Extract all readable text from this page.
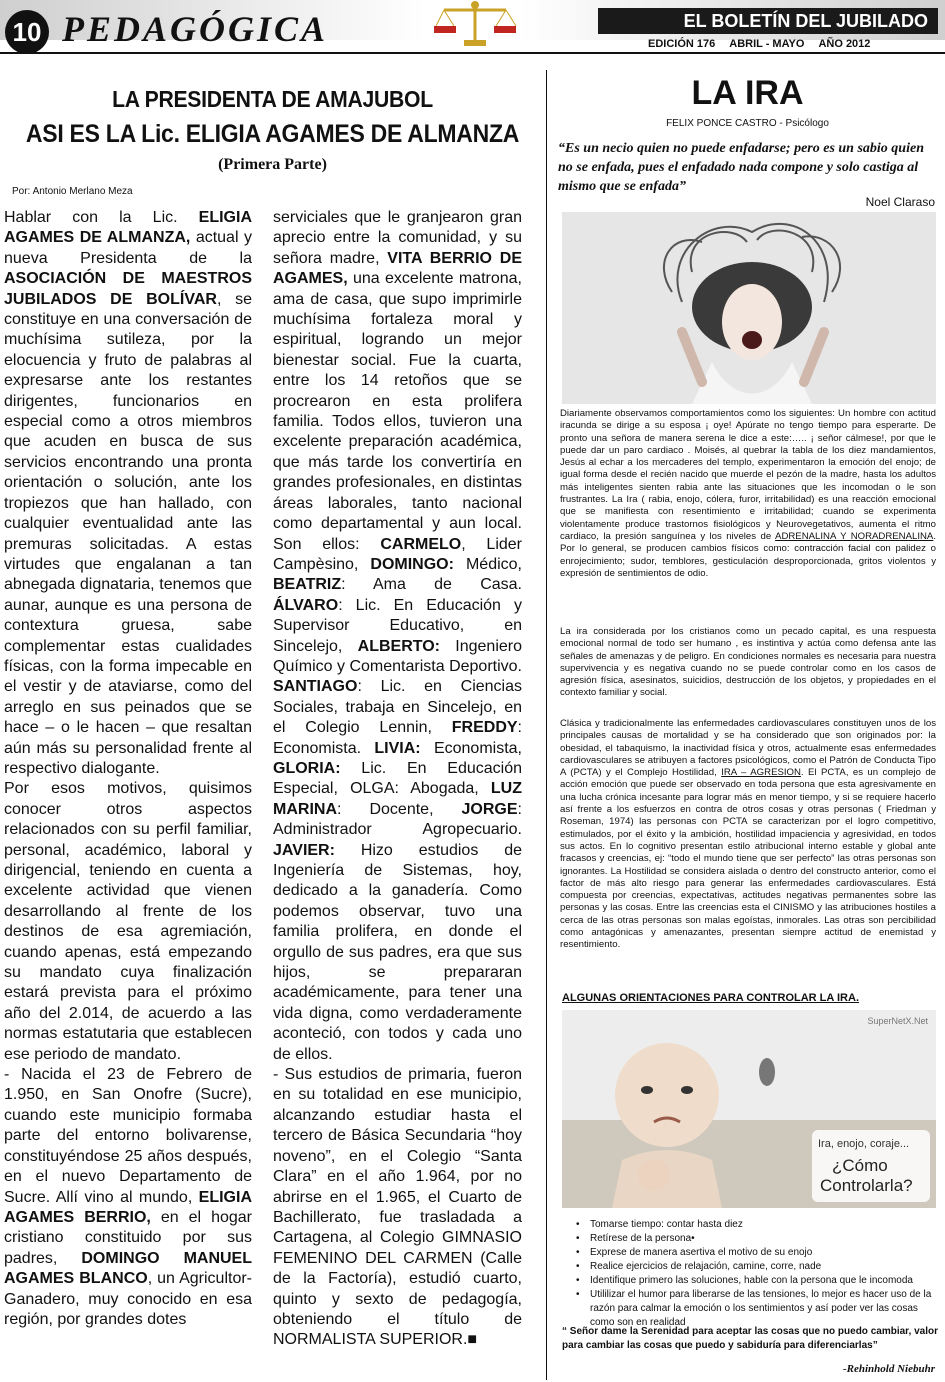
10 PEDAGÓGICA	EL BOLETÍN DEL JUBILADO
EDICIÓN 176 ABRIL - MAYO AÑO 2012
LA PRESIDENTA DE AMAJUBOL
ASI ES LA Lic. ELIGIA AGAMES DE ALMANZA
(Primera Parte)
Por: Antonio Merlano Meza

Hablar con la Lic. ELIGIA AGAMES DE ALMANZA, actual y nueva Presidenta de la ASOCIACIÓN DE MAESTROS JUBILADOS DE BOLÍVAR, se constituye en una conversación de muchísima sutileza, por la elocuencia y fruto de palabras al expresarse ante los restantes dirigentes, funcionarios en especial como a otros miembros que acuden en busca de sus servicios encontrando una pronta orientación o solución, ante los tropiezos que han hallado, con cualquier eventualidad ante las premuras solicitadas. A estas virtudes que engalanan a tan abnegada dignataria, tenemos que aunar, aunque es una persona de contextura gruesa, sabe complementar estas cualidades físicas, con la forma impecable en el vestir y de ataviarse, como del arreglo en sus peinados que se hace – o le hacen – que resaltan aún más su personalidad frente al respectivo dialogante.

Por esos motivos, quisimos conocer otros aspectos relacionados con su perfil familiar, personal, académico, laboral y dirigencial, teniendo en cuenta a excelente actividad que vienen desarrollando al frente de los destinos de esa agremiación, cuando apenas, está empezando su mandato cuya finalización estará prevista para el próximo año del 2.014, de acuerdo a las normas estatutaria que establecen ese periodo de mandato.

- Nacida el 23 de Febrero de 1.950, en San Onofre (Sucre), cuando este municipio formaba parte del entorno bolivarense, constituyéndose 25 años después, en el nuevo Departamento de Sucre. Allí vino al mundo, ELIGIA AGAMES BERRIO, en el hogar cristiano constituido por sus padres, DOMINGO MANUEL AGAMES BLANCO, un Agricultor-Ganadero, muy conocido en esa región, por grandes dotes

serviciales que le granjearon gran aprecio entre la comunidad, y su señora madre, VITA BERRIO DE AGAMES, una excelente matrona, ama de casa, que supo imprimirle muchísima fortaleza moral y espiritual, logrando un mejor bienestar social. Fue la cuarta, entre los 14 retoños que se procrearon en esta prolifera familia. Todos ellos, tuvieron una excelente preparación académica, que más tarde los convertiría en grandes profesionales, en distintas áreas laborales, tanto nacional como departamental y aun local. Son ellos: CARMELO, Lider Campèsino, DOMINGO: Médico, BEATRIZ: Ama de Casa. ÁLVARO: Lic. En Educación y Supervisor Educativo, en Sincelejo, ALBERTO: Ingeniero Químico y Comentarista Deportivo. SANTIAGO: Lic. en Ciencias Sociales, trabaja en Sincelejo, en el Colegio Lennin, FREDDY: Economista. LIVIA: Economista, GLORIA: Lic. En Educación Especial, OLGA: Abogada, LUZ MARINA: Docente, JORGE: Administrador Agropecuario. JAVIER: Hizo estudios de Ingeniería de Sistemas, hoy, dedicado a la ganadería. Como podemos observar, tuvo una familia prolifera, en donde el orgullo de sus padres, era que sus hijos, se prepararan académicamente, para tener una vida digna, como verdaderamente aconteció, con todos y cada uno de ellos.

- Sus estudios de primaria, fueron en su totalidad en ese municipio, alcanzando estudiar hasta el tercero de Básica Secundaria “hoy noveno”, en el Colegio “Santa Clara” en el año 1.964, por no abrirse en el 1.965, el Cuarto de Bachillerato, fue trasladada a Cartagena, al Colegio GIMNASIO FEMENINO DEL CARMEN (Calle de la Factoría), estudió cuarto, quinto y sexto de pedagogía, obteniendo el título de NORMALISTA SUPERIOR.■

LA IRA
FELIX PONCE CASTRO - Psicólogo
“Es un necio quien no puede enfadarse; pero es un sabio quien no se enfada, pues el enfadado nada compone y solo castiga al mismo que se enfada”
Noel Claraso

Diariamente observamos comportamientos como los siguientes: Un hombre con actitud iracunda se dirige a su esposa ¡ oye! Apúrate no tengo tiempo para esperarte. De pronto una señora de manera serena le dice a este:….. ¡ señor cálmese!, por que le puede dar un paro cardiaco . Moisés, al quebrar la tabla de los diez mandamientos, Jesús al echar a los mercaderes del templo, experimentaron la emoción del enojo; de igual forma desde el recién nacido que muerde el pezón de la madre, hasta los adultos más inteligentes sienten rabia ante las situaciones que les incomodan o le son frustrantes. La Ira ( rabia, enojo, cólera, furor, irritabilidad) es una reacción emocional que se manifiesta con resentimiento e irritabilidad; cuando se experimenta violentamente produce trastornos fisiológicos y Neurovegetativos, aumenta el ritmo cardiaco, la presión sanguínea y los niveles de ADRENALINA Y NORADRENALINA. Por lo general, se producen cambios físicos como: contracción facial con palidez o enrojecimiento; sudor, temblores, gesticulación desproporcionada, gritos violentos y expresión de sentimientos de odio.

La ira considerada por los cristianos como un pecado capital, es una respuesta emocional normal de todo ser humano , es instintiva y actúa como defensa ante las señales de amenazas y de peligro. En condiciones normales es necesaria para nuestra supervivencia y es negativa cuando no se puede controlar como en los casos de agresión física, asesinatos, suicidios, destrucción de los objetos, y propiedades en el contexto familiar y social.

Clásica y tradicionalmente las enfermedades cardiovasculares constituyen unos de los principales causas de mortalidad y se ha considerado que son originados por: la obesidad, el tabaquismo, la inactividad física y otros, actualmente esas enfermedades cardiovasculares se atribuyen a factores psicológicos, como el Patrón de Conducta Tipo A (PCTA) y el Complejo Hostilidad, IRA – AGRESION. El PCTA, es un complejo de acción emoción que puede ser observado en toda persona que esta agresivamente en una lucha crónica incesante para lograr más en menor tiempo, y si se requiere hacerlo así frente a los esfuerzos en contra de otros cosas y otras personas ( Friedman y Roseman, 1974) las personas con PCTA se caracterizan por el logro competitivo, estimulados, por el éxito y la ambición, hostilidad impaciencia y agresividad, en todos sus actos. En lo cognitivo presentan estilo atribucional interno estable y global ante fracasos y creencias, ej: “todo el mundo tiene que ser perfecto” las otras personas son ignorantes. La Hostilidad se considera aislada o dentro del constructo anterior, como el factor de más alto riesgo para generar las enfermedades cardiovasculares. Está compuesta por creencias, expectativas, actitudes negativas permanentes sobre las personas y las cosas. Entre las creencias esta el CINISMO y las atribuciones hostiles a cerca de las otras personas son malas egoístas, inmorales. Las otras son percibilidad como antagónicas y amenazantes, presentan siempre actitud de enemistad y resentimiento.

ALGUNAS ORIENTACIONES PARA CONTROLAR LA IRA.
SuperNetX.Net
Ira, enojo, coraje...
¿Cómo
Controlarla?
• Tomarse tiempo: contar hasta diez
• Retírese de la persona•
• Exprese de manera asertiva el motivo de su enojo
• Realice ejercicios de relajación, camine, corre, nade
• Identifique primero las soluciones, hable con la persona que le incomoda
• Utililizar el humor para liberarse de las tensiones, lo mejor es hacer uso de la razón para calmar la emoción o los sentimientos y así poder ver las cosas como son en realidad
“ Señor dame la Serenidad para aceptar las cosas que no puedo cambiar, valor para cambiar las cosas que puedo y sabiduría para diferenciarlas”
-Rehinhold Niebuhr
